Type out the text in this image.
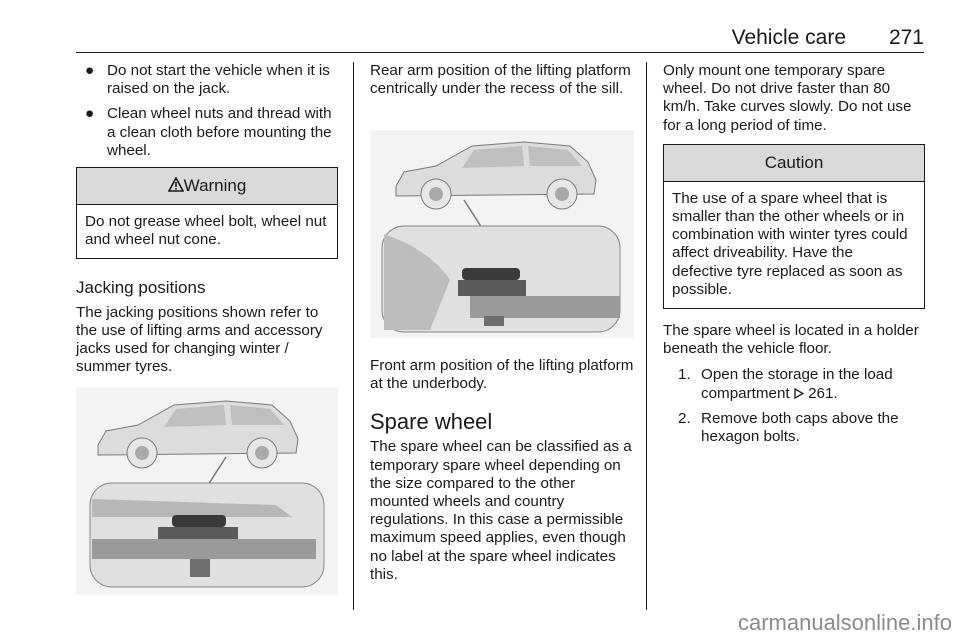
Vehicle care 271
● Do not start the vehicle when it is raised on the jack.
● Clean wheel nuts and thread with a clean cloth before mounting the wheel.
Warning
Do not grease wheel bolt, wheel nut and wheel nut cone.
Jacking positions

The jacking positions shown refer to the use of lifting arms and accessory jacks used for changing winter / summer tyres.

Rear arm position of the lifting platform centrically under the recess of the sill.

Front arm position of the lifting platform at the underbody.

Spare wheel

The spare wheel can be classified as a temporary spare wheel depending on the size compared to the other mounted wheels and country regulations. In this case a permissible maximum speed applies, even though no label at the spare wheel indicates this.

Only mount one temporary spare wheel. Do not drive faster than 80 km/h. Take curves slowly. Do not use for a long period of time.

Caution
The use of a spare wheel that is smaller than the other wheels or in combination with winter tyres could affect driveability. Have the defective tyre replaced as soon as possible.

The spare wheel is located in a holder beneath the vehicle floor.

1. Open the storage in the load compartment 261.
2. Remove both caps above the hexagon bolts.
carmanualsonline.info
